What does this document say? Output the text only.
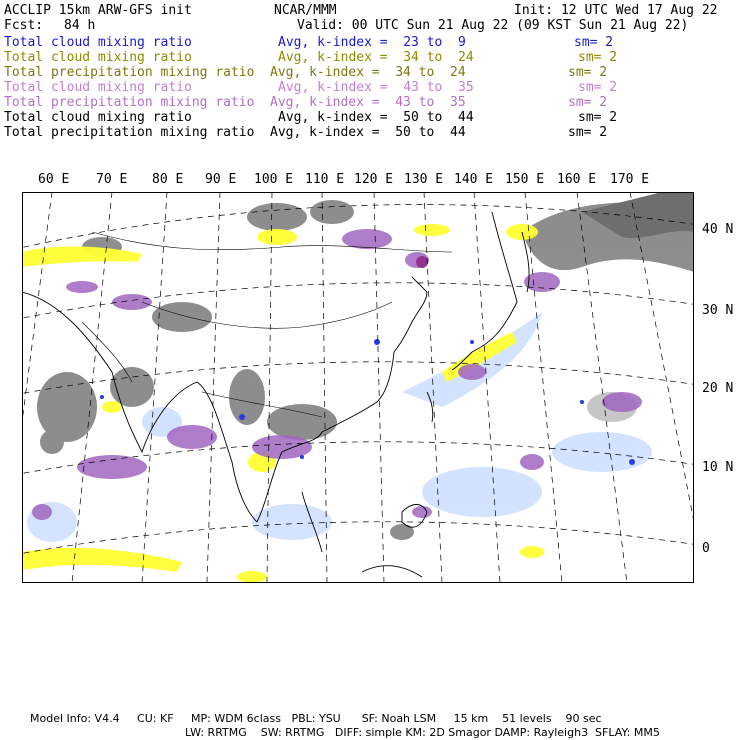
ACCLIP 15km ARW-GFS init	NCAR/MMM	Init: 12 UTC Wed 17 Aug 22
Fcst: 84 h	Valid: 00 UTC Sun 21 Aug 22 (09 KST Sun 21 Aug 22)
Total cloud mixing ratio	Avg, k-index =  23 to  9	sm= 2
Total cloud mixing ratio	Avg, k-index =  34 to  24	sm= 2
Total precipitation mixing ratio Avg, k-index =  34 to  24	sm= 2
Total cloud mixing ratio	Avg, k-index =  43 to  35	sm= 2
Total precipitation mixing ratio Avg, k-index =  43 to  35	sm= 2
Total cloud mixing ratio	Avg, k-index =  50 to  44	sm= 2
Total precipitation mixing ratio Avg, k-index =  50 to  44	sm= 2
60 E 70 E 80 E 90 E 100 E 110 E 120 E 130 E 140 E 150 E 160 E 170 E
40 N
30 N
20 N
10 N
0
Model Info: V4.4     CU: KF     MP: WDM 6class   PBL: YSU      SF: Noah LSM     15 km    51 levels    90 sec
LW: RRTMG    SW: RRTMG   DIFF: simple KM: 2D Smagor DAMP: Rayleigh3  SFLAY: MM5
